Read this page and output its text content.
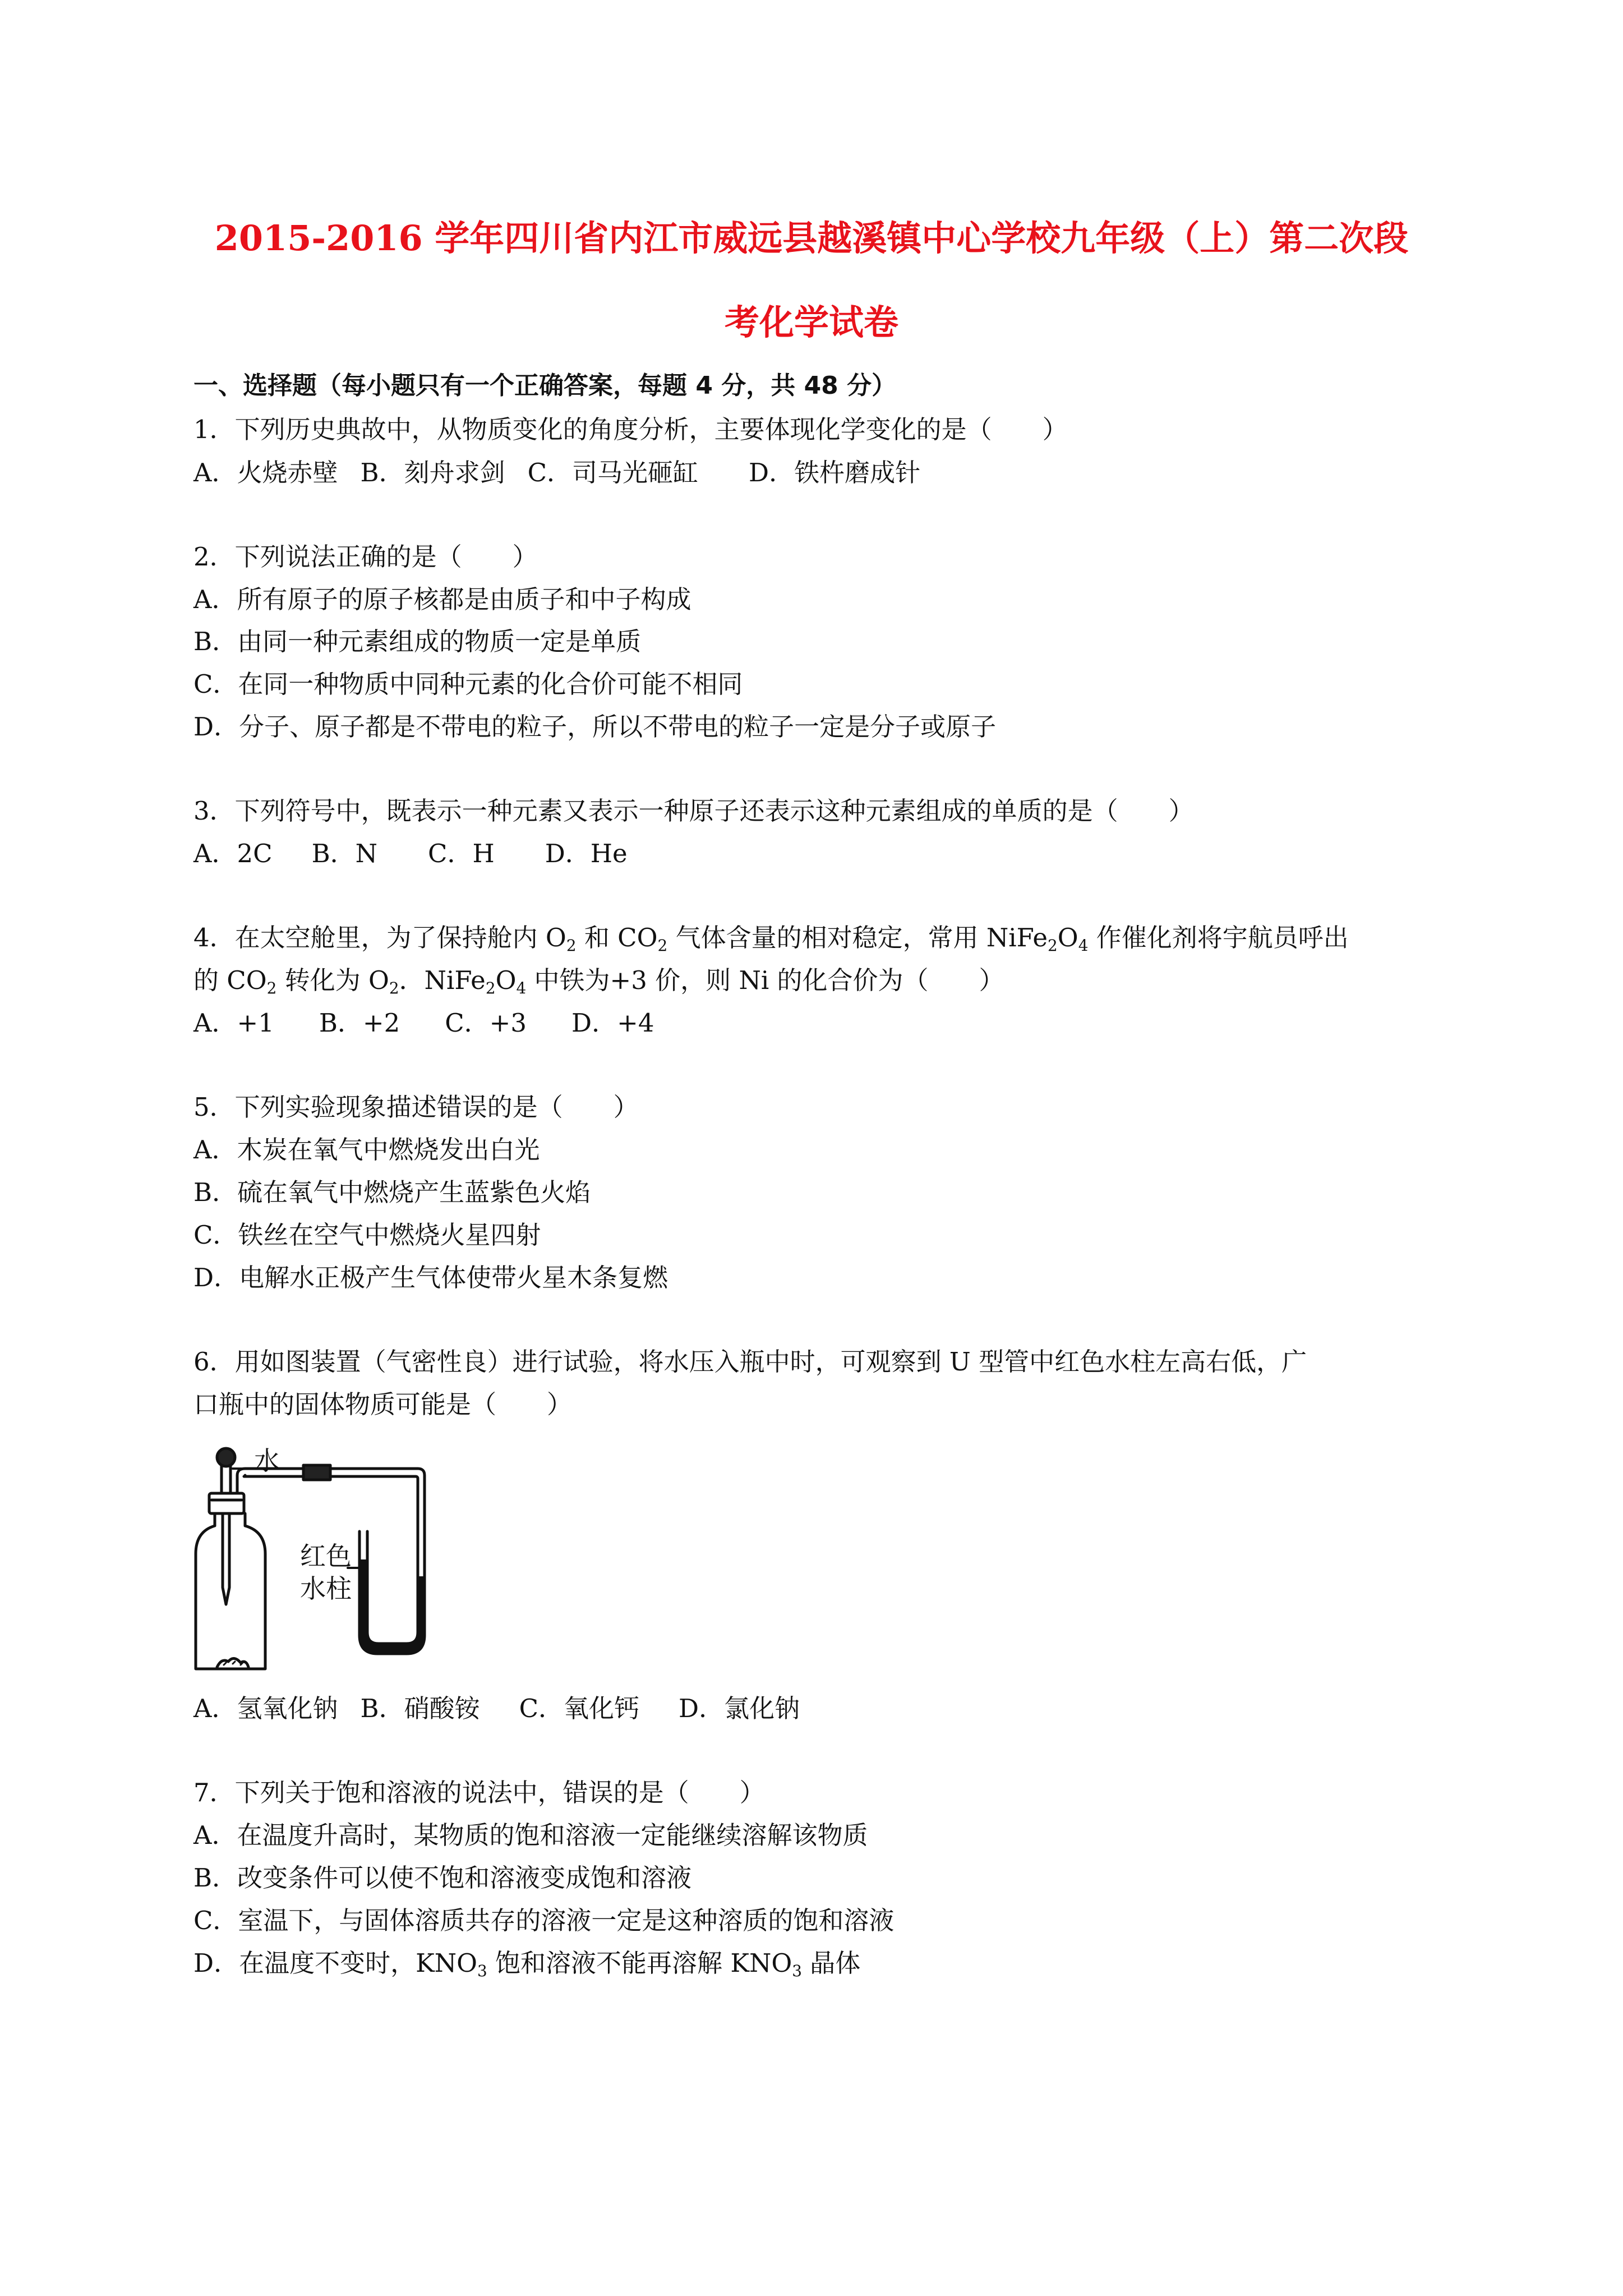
2015-2016 学年四川省内江市威远县越溪镇中心学校九年级（上）第二次段
考化学试卷
一、选择题（每小题只有一个正确答案，每题 4 分，共 48 分）
1．下列历史典故中，从物质变化的角度分析，主要体现化学变化的是（　　）
A．火烧赤壁 B．刻舟求剑 C．司马光砸缸 D．铁杵磨成针
2．下列说法正确的是（　　）
A．所有原子的原子核都是由质子和中子构成
B．由同一种元素组成的物质一定是单质
C．在同一种物质中同种元素的化合价可能不相同
D．分子、原子都是不带电的粒子，所以不带电的粒子一定是分子或原子
3．下列符号中，既表示一种元素又表示一种原子还表示这种元素组成的单质的是（　　）
A．2C B．N C．H D．He
4．在太空舱里，为了保持舱内 $O_2$ 和 $CO_2$ 气体含量的相对稳定，常用 $NiFe_2O_4$ 作催化剂将宇航员呼出
的 $CO_2$ 转化为 $O_2$．$NiFe_2O_4$ 中铁为+3 价，则 Ni 的化合价为（　　）
A．+1 B．+2 C．+3 D．+4
5．下列实验现象描述错误的是（　　）
A．木炭在氧气中燃烧发出白光
B．硫在氧气中燃烧产生蓝紫色火焰
C．铁丝在空气中燃烧火星四射
D．电解水正极产生气体使带火星木条复燃
6．用如图装置（气密性良）进行试验，将水压入瓶中时，可观察到 U 型管中红色水柱左高右低，广
口瓶中的固体物质可能是（　　）
水
红色
水柱
A．氢氧化钠 B．硝酸铵 C．氧化钙 D．氯化钠
7．下列关于饱和溶液的说法中，错误的是（　　）
A．在温度升高时，某物质的饱和溶液一定能继续溶解该物质
B．改变条件可以使不饱和溶液变成饱和溶液
C．室温下，与固体溶质共存的溶液一定是这种溶质的饱和溶液
D．在温度不变时，$KNO_3$ 饱和溶液不能再溶解 $KNO_3$ 晶体
